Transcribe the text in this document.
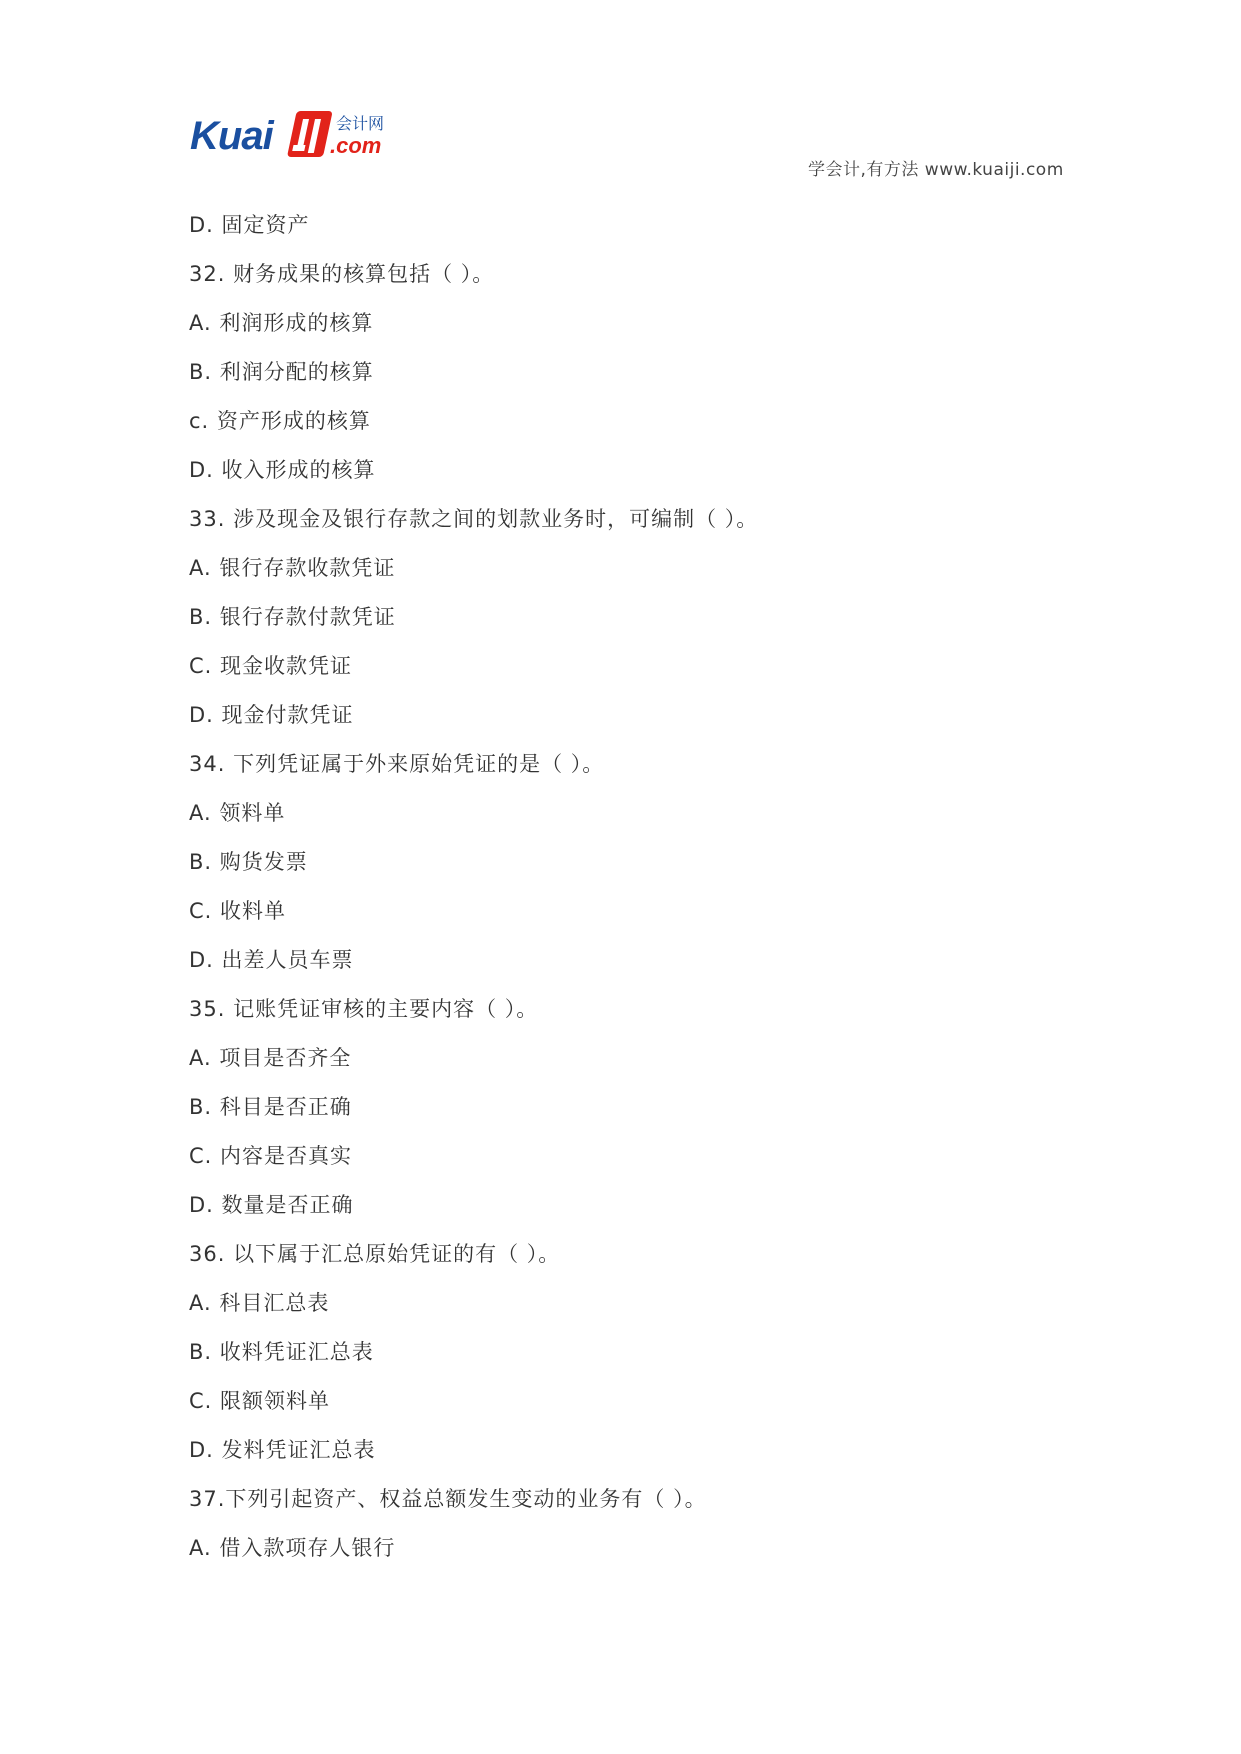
Kuai	会计网
.com
学会计,有方法 www.kuaiji.com
D. 固定资产
32. 财务成果的核算包括（ ）。
A. 利润形成的核算
B. 利润分配的核算
c. 资产形成的核算
D. 收入形成的核算
33. 涉及现金及银行存款之间的划款业务时，可编制（ ）。
A. 银行存款收款凭证
B. 银行存款付款凭证
C. 现金收款凭证
D. 现金付款凭证
34. 下列凭证属于外来原始凭证的是（ ）。
A. 领料单
B. 购货发票
C. 收料单
D. 出差人员车票
35. 记账凭证审核的主要内容（ ）。
A. 项目是否齐全
B. 科目是否正确
C. 内容是否真实
D. 数量是否正确
36. 以下属于汇总原始凭证的有（ ）。
A. 科目汇总表
B. 收料凭证汇总表
C. 限额领料单
D. 发料凭证汇总表
37.下列引起资产、权益总额发生变动的业务有（ ）。
A. 借入款项存人银行
